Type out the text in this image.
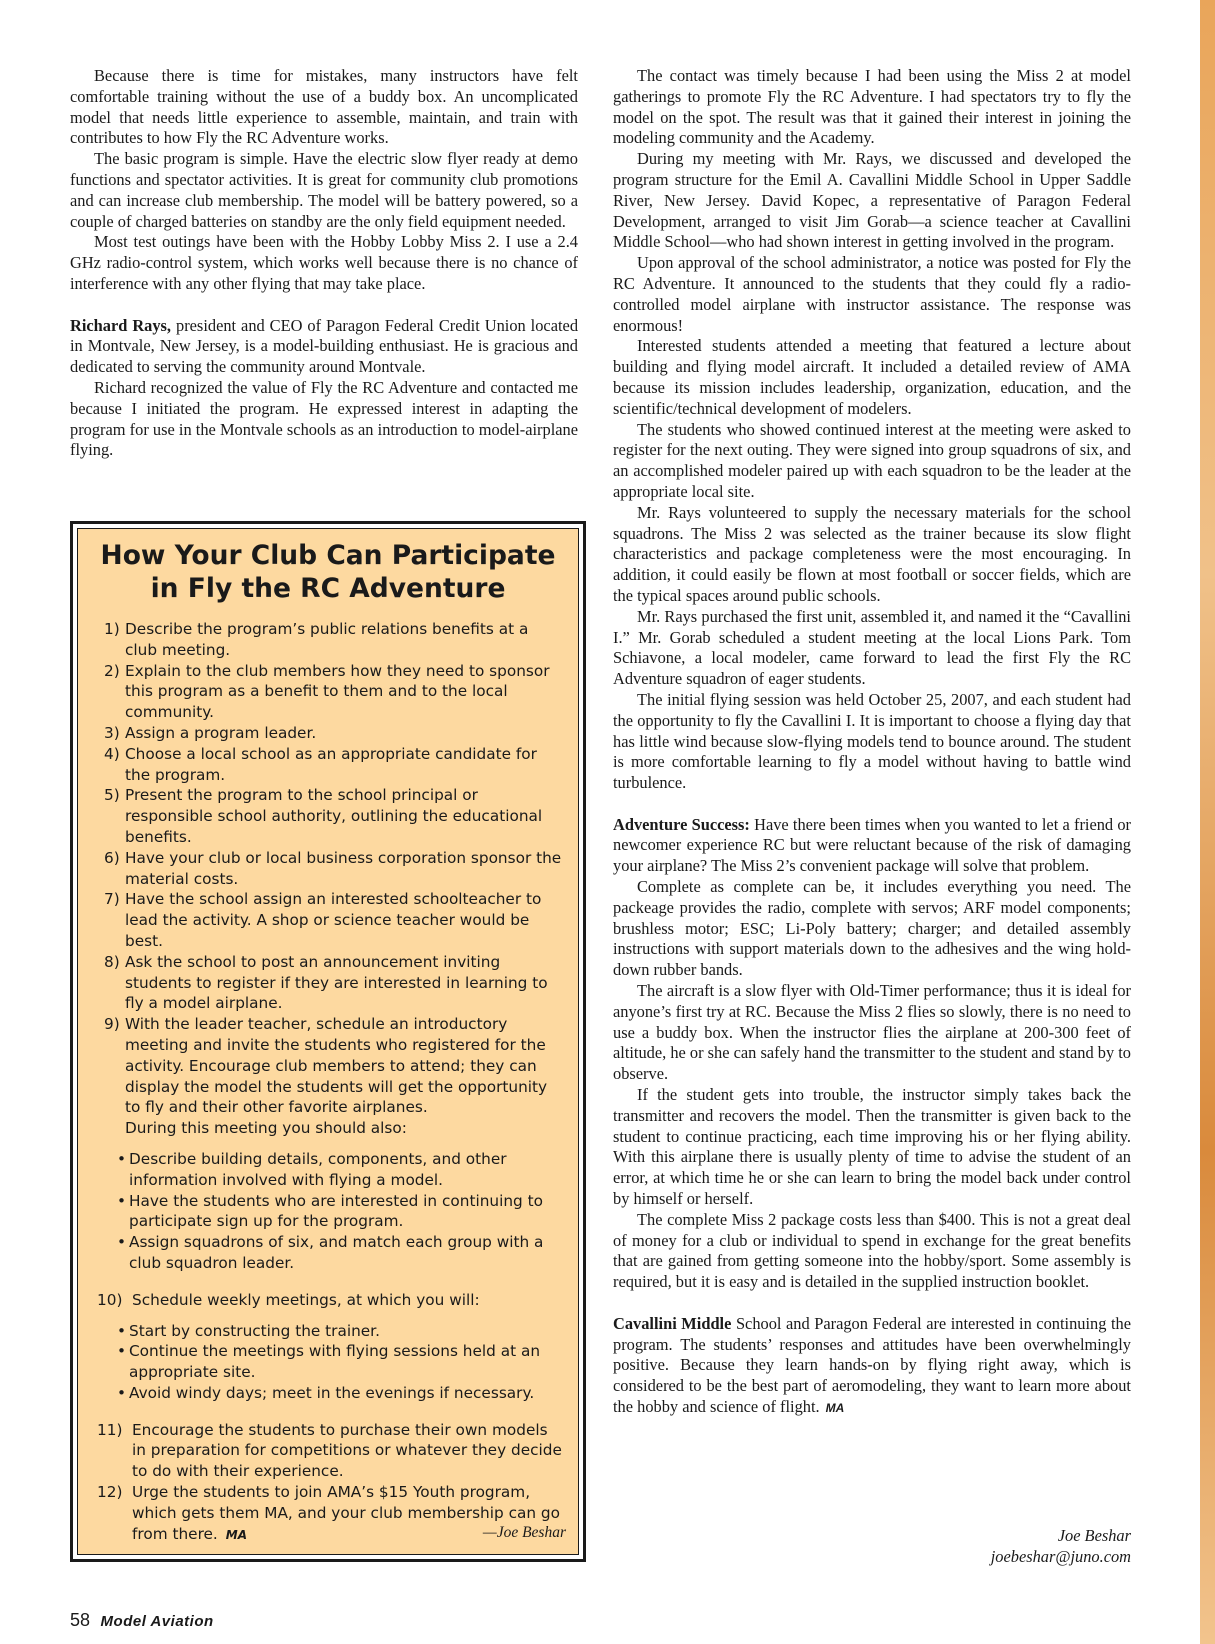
Because there is time for mistakes, many instructors have felt comfortable training without the use of a buddy box. An uncomplicated model that needs little experience to assemble, maintain, and train with contributes to how Fly the RC Adventure works.

The basic program is simple. Have the electric slow flyer ready at demo functions and spectator activities. It is great for community club promotions and can increase club membership. The model will be battery powered, so a couple of charged batteries on standby are the only field equipment needed.

Most test outings have been with the Hobby Lobby Miss 2. I use a 2.4 GHz radio-control system, which works well because there is no chance of interference with any other flying that may take place.

Richard Rays, president and CEO of Paragon Federal Credit Union located in Montvale, New Jersey, is a model-building enthusiast. He is gracious and dedicated to serving the community around Montvale.

Richard recognized the value of Fly the RC Adventure and contacted me because I initiated the program. He expressed interest in adapting the program for use in the Montvale schools as an introduction to model-airplane flying.

How Your Club Can Participate in Fly the RC Adventure
1) Describe the program’s public relations benefits at a club meeting.
2) Explain to the club members how they need to sponsor this program as a benefit to them and to the local community.
3) Assign a program leader.
4) Choose a local school as an appropriate candidate for the program.
5) Present the program to the school principal or responsible school authority, outlining the educational benefits.
6) Have your club or local business corporation sponsor the material costs.
7) Have the school assign an interested schoolteacher to lead the activity. A shop or science teacher would be best.
8) Ask the school to post an announcement inviting students to register if they are interested in learning to fly a model airplane.
9) With the leader teacher, schedule an introductory meeting and invite the students who registered for the activity. Encourage club members to attend; they can display the model the students will get the opportunity to fly and their other favorite airplanes.
During this meeting you should also:
• Describe building details, components, and other information involved with flying a model.
• Have the students who are interested in continuing to participate sign up for the program.
• Assign squadrons of six, and match each group with a club squadron leader.
10) Schedule weekly meetings, at which you will:
• Start by constructing the trainer.
• Continue the meetings with flying sessions held at an appropriate site.
• Avoid windy days; meet in the evenings if necessary.
11) Encourage the students to purchase their own models in preparation for competitions or whatever they decide to do with their experience.
12) Urge the students to join AMA’s $15 Youth program, which gets them MA, and your club membership can go from there. MA	—Joe Beshar

The contact was timely because I had been using the Miss 2 at model gatherings to promote Fly the RC Adventure. I had spectators try to fly the model on the spot. The result was that it gained their interest in joining the modeling community and the Academy.

During my meeting with Mr. Rays, we discussed and developed the program structure for the Emil A. Cavallini Middle School in Upper Saddle River, New Jersey. David Kopec, a representative of Paragon Federal Development, arranged to visit Jim Gorab—a science teacher at Cavallini Middle School—who had shown interest in getting involved in the program.

Upon approval of the school administrator, a notice was posted for Fly the RC Adventure. It announced to the students that they could fly a radio-controlled model airplane with instructor assistance. The response was enormous!

Interested students attended a meeting that featured a lecture about building and flying model aircraft. It included a detailed review of AMA because its mission includes leadership, organization, education, and the scientific/technical development of modelers.

The students who showed continued interest at the meeting were asked to register for the next outing. They were signed into group squadrons of six, and an accomplished modeler paired up with each squadron to be the leader at the appropriate local site.

Mr. Rays volunteered to supply the necessary materials for the school squadrons. The Miss 2 was selected as the trainer because its slow flight characteristics and package completeness were the most encouraging. In addition, it could easily be flown at most football or soccer fields, which are the typical spaces around public schools.

Mr. Rays purchased the first unit, assembled it, and named it the “Cavallini I.” Mr. Gorab scheduled a student meeting at the local Lions Park. Tom Schiavone, a local modeler, came forward to lead the first Fly the RC Adventure squadron of eager students.

The initial flying session was held October 25, 2007, and each student had the opportunity to fly the Cavallini I. It is important to choose a flying day that has little wind because slow-flying models tend to bounce around. The student is more comfortable learning to fly a model without having to battle wind turbulence.

Adventure Success: Have there been times when you wanted to let a friend or newcomer experience RC but were reluctant because of the risk of damaging your airplane? The Miss 2’s convenient package will solve that problem.

Complete as complete can be, it includes everything you need. The packeage provides the radio, complete with servos; ARF model components; brushless motor; ESC; Li-Poly battery; charger; and detailed assembly instructions with support materials down to the adhesives and the wing hold-down rubber bands.

The aircraft is a slow flyer with Old-Timer performance; thus it is ideal for anyone’s first try at RC. Because the Miss 2 flies so slowly, there is no need to use a buddy box. When the instructor flies the airplane at 200-300 feet of altitude, he or she can safely hand the transmitter to the student and stand by to observe.

If the student gets into trouble, the instructor simply takes back the transmitter and recovers the model. Then the transmitter is given back to the student to continue practicing, each time improving his or her flying ability. With this airplane there is usually plenty of time to advise the student of an error, at which time he or she can learn to bring the model back under control by himself or herself.

The complete Miss 2 package costs less than $400. This is not a great deal of money for a club or individual to spend in exchange for the great benefits that are gained from getting someone into the hobby/sport. Some assembly is required, but it is easy and is detailed in the supplied instruction booklet.

Cavallini Middle School and Paragon Federal are interested in continuing the program. The students’ responses and attitudes have been overwhelmingly positive. Because they learn hands-on by flying right away, which is considered to be the best part of aeromodeling, they want to learn more about the hobby and science of flight. MA

Joe Beshar
joebeshar@juno.com
58 Model Aviation
